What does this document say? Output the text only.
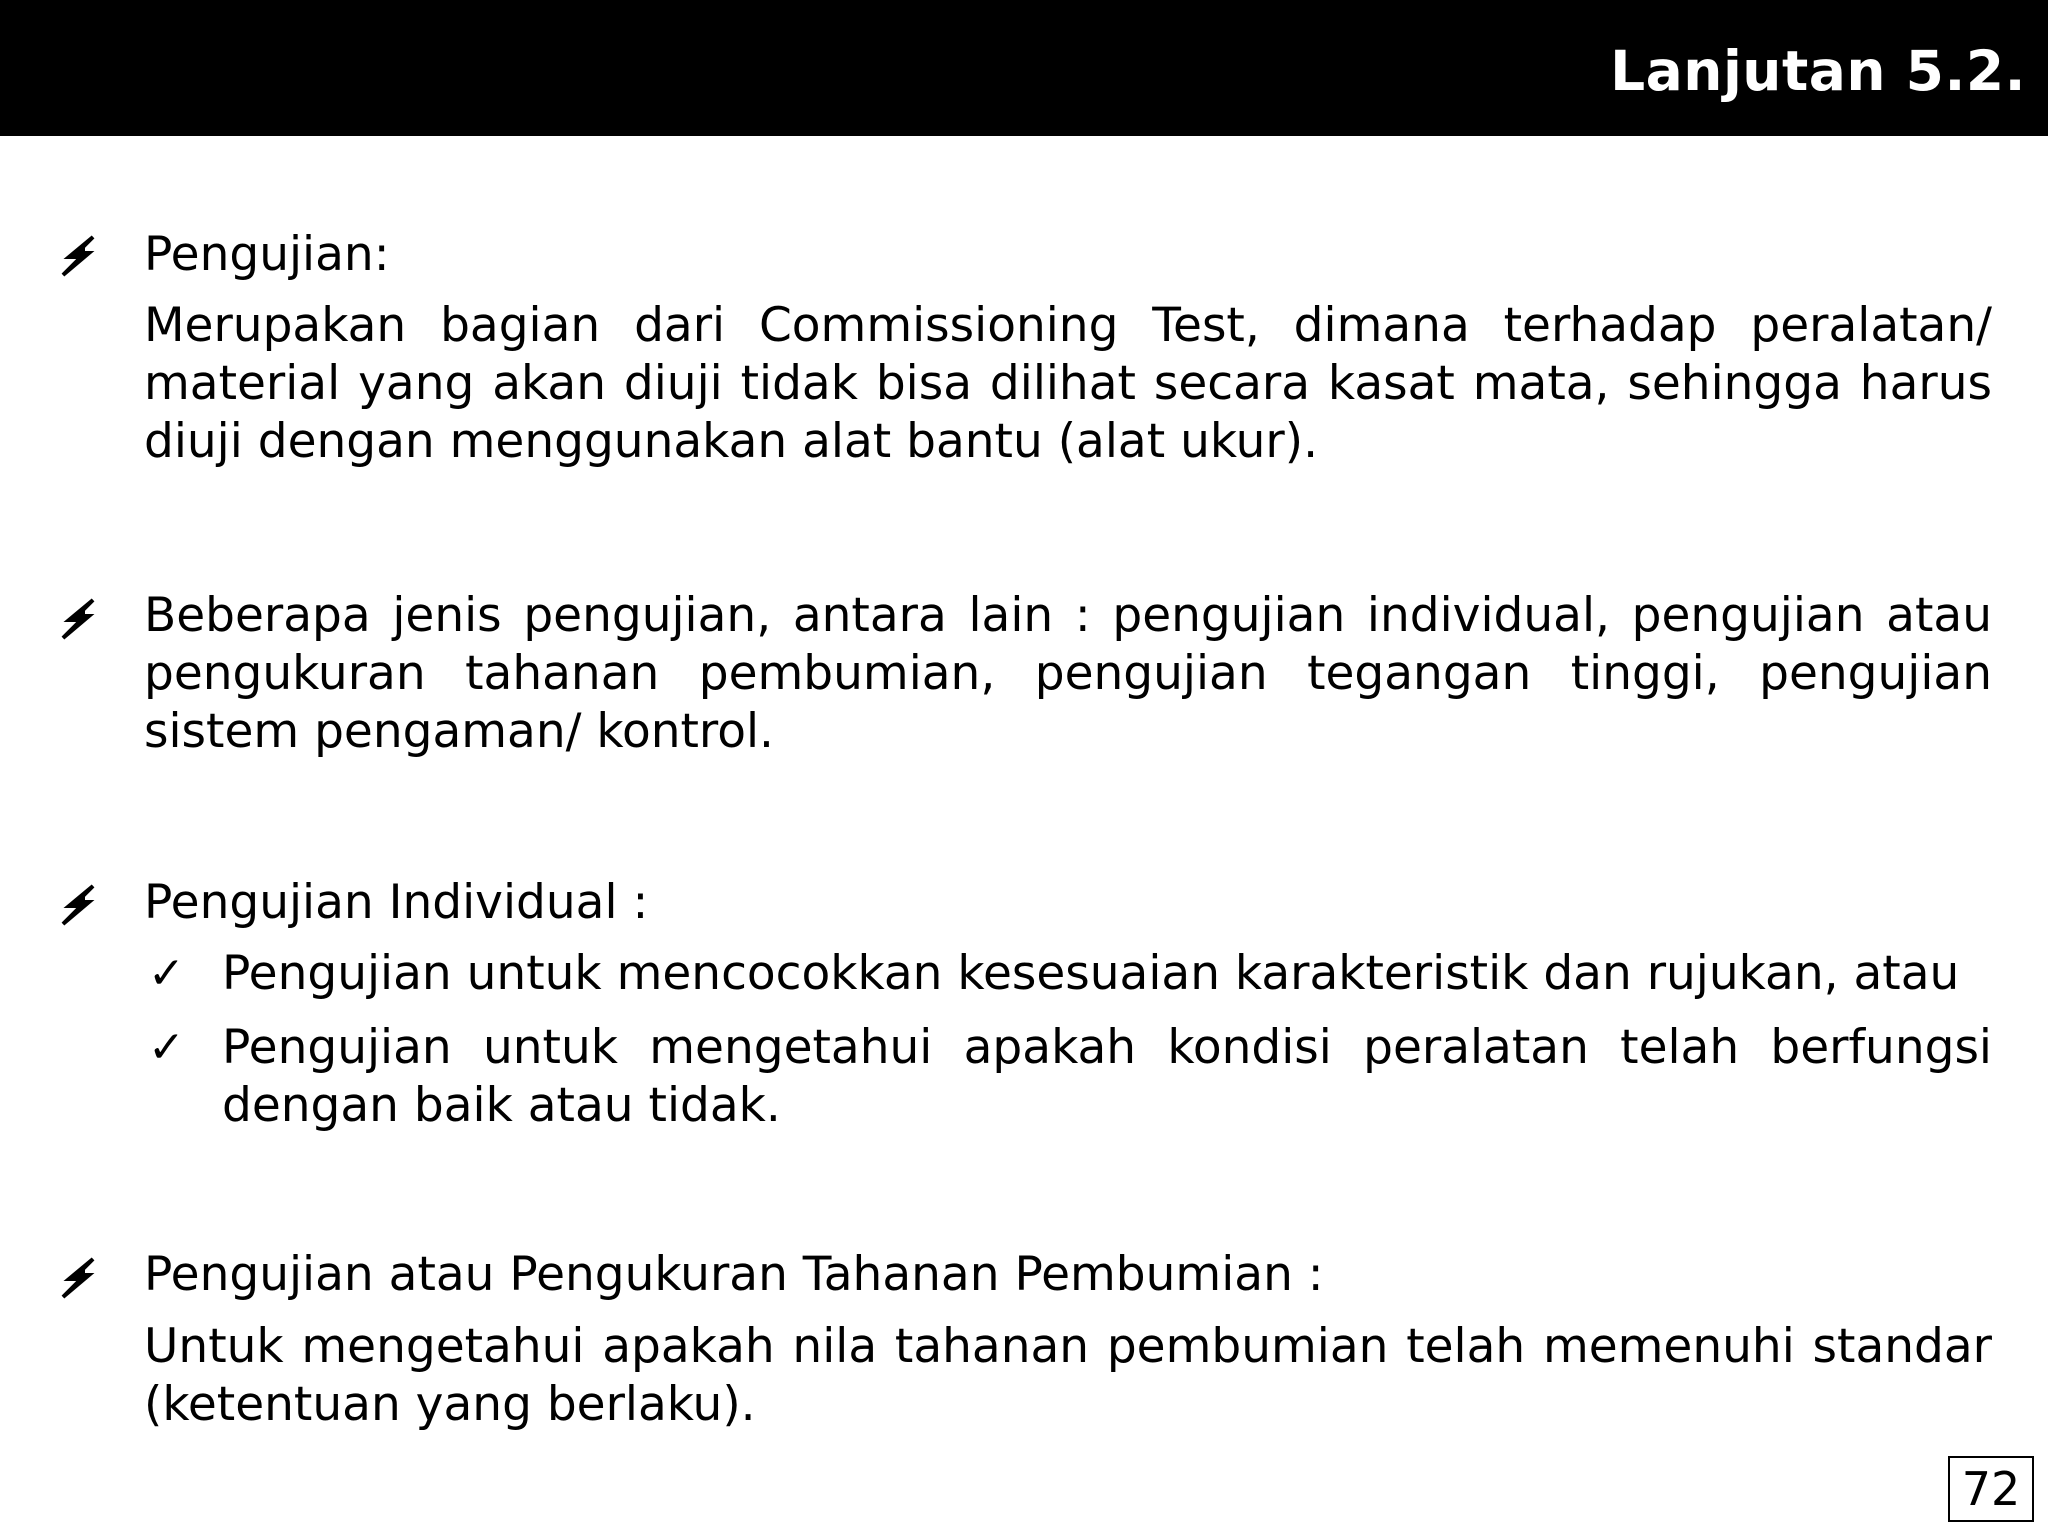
Lanjutan 5.2.
Pengujian:
Merupakan bagian dari Commissioning Test, dimana terhadap peralatan/ material yang akan diuji tidak bisa dilihat secara kasat mata, sehingga harus diuji dengan menggunakan alat bantu (alat ukur).
Beberapa jenis pengujian, antara lain : pengujian individual, pengujian atau pengukuran tahanan pembumian, pengujian tegangan tinggi, pengujian sistem pengaman/ kontrol.
Pengujian Individual :
✓ Pengujian untuk mencocokkan kesesuaian karakteristik dan rujukan, atau
✓ Pengujian untuk mengetahui apakah kondisi peralatan telah berfungsi dengan baik atau tidak.
Pengujian atau Pengukuran Tahanan Pembumian :
Untuk mengetahui apakah nila tahanan pembumian telah memenuhi standar (ketentuan yang berlaku).
72
